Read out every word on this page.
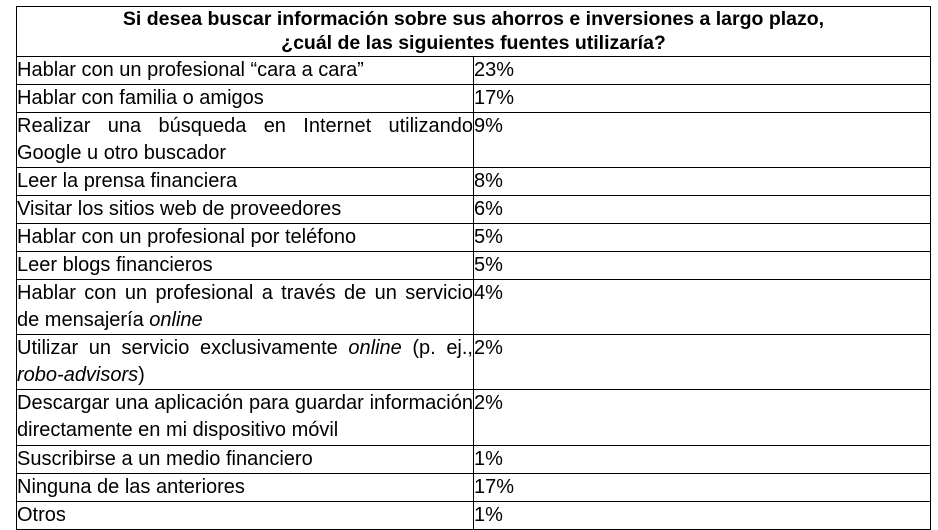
Si desea buscar información sobre sus ahorros e inversiones a largo plazo,
¿cuál de las siguientes fuentes utilizaría?	
Hablar con un profesional “cara a cara”	23%
Hablar con familia o amigos	17%
Realizar una búsqueda en Internet utilizando Google u otro buscador	9%
Leer la prensa financiera	8%
Visitar los sitios web de proveedores	6%
Hablar con un profesional por teléfono	5%
Leer blogs financieros	5%
Hablar con un profesional a través de un servicio de mensajería online	4%
Utilizar un servicio exclusivamente online (p. ej., robo-advisors)	2%
Descargar una aplicación para guardar información directamente en mi dispositivo móvil	2%
Suscribirse a un medio financiero	1%
Ninguna de las anteriores	17%
Otros	1%
